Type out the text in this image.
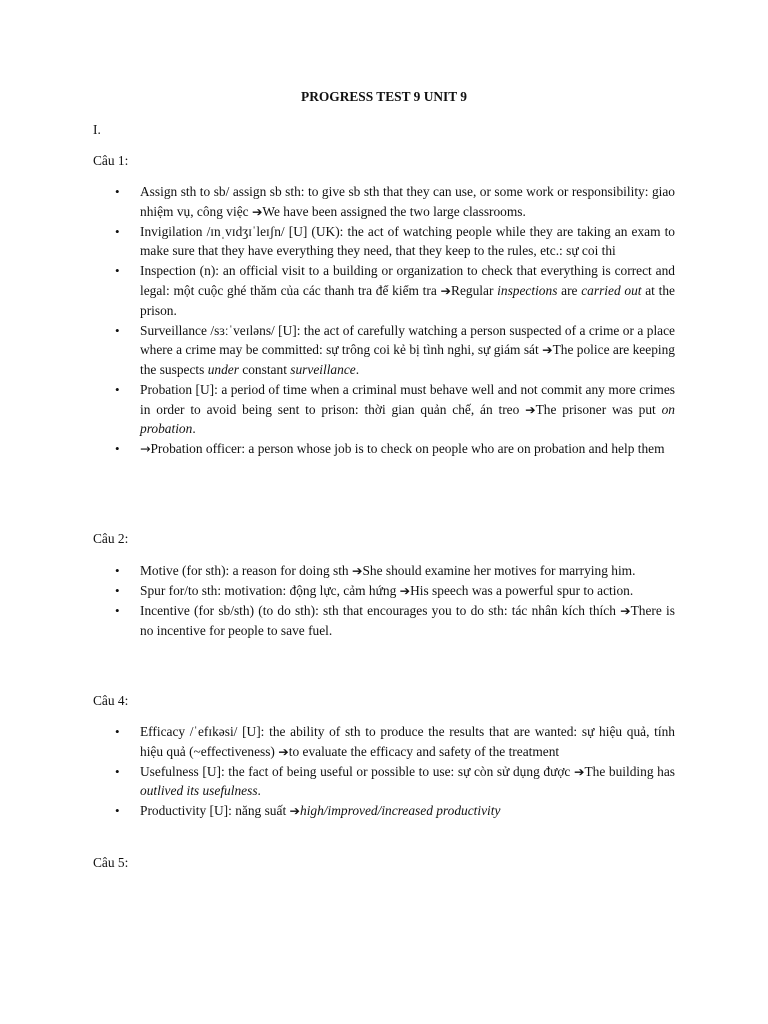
PROGRESS TEST 9 UNIT 9
I.
Câu 1:
• Assign sth to sb/ assign sb sth: to give sb sth that they can use, or some work or responsibility: giao nhiệm vụ, công việc ➔We have been assigned the two large classrooms.
• Invigilation /ɪnˌvɪdʒɪˈleɪʃn/ [U] (UK): the act of watching people while they are taking an exam to make sure that they have everything they need, that they keep to the rules, etc.: sự coi thi
• Inspection (n): an official visit to a building or organization to check that everything is correct and legal: một cuộc ghé thăm của các thanh tra để kiểm tra ➔Regular inspections are carried out at the prison.
• Surveillance /sɜːˈveɪləns/ [U]: the act of carefully watching a person suspected of a crime or a place where a crime may be committed: sự trông coi kẻ bị tình nghi, sự giám sát ➔The police are keeping the suspects under constant surveillance.
• Probation [U]: a period of time when a criminal must behave well and not commit any more crimes in order to avoid being sent to prison: thời gian quản chế, án treo ➔The prisoner was put on probation.
• →Probation officer: a person whose job is to check on people who are on probation and help them
Câu 2:
• Motive (for sth): a reason for doing sth ➔She should examine her motives for marrying him.
• Spur for/to sth: motivation: động lực, cảm hứng ➔His speech was a powerful spur to action.
• Incentive (for sb/sth) (to do sth): sth that encourages you to do sth: tác nhân kích thích ➔There is no incentive for people to save fuel.
Câu 4:
• Efficacy /ˈefɪkəsi/ [U]: the ability of sth to produce the results that are wanted: sự hiệu quả, tính hiệu quả (~effectiveness) ➔to evaluate the efficacy and safety of the treatment
• Usefulness [U]: the fact of being useful or possible to use: sự còn sử dụng được ➔The building has outlived its usefulness.
• Productivity [U]: năng suất ➔high/improved/increased productivity
Câu 5:
